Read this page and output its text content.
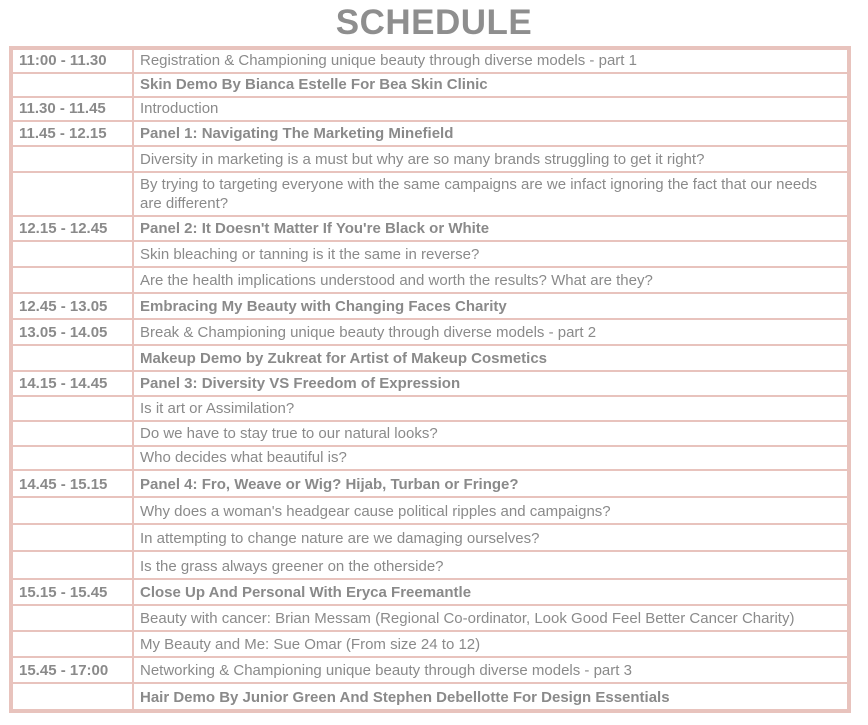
SCHEDULE
11:00 - 11.30	Registration & Championing unique beauty through diverse models - part 1
	Skin Demo By Bianca Estelle For Bea Skin Clinic
11.30 - 11.45	Introduction
11.45 - 12.15	Panel 1: Navigating The Marketing Minefield
	Diversity in marketing is a must but why are so many brands struggling to get it right?
	By trying to targeting everyone with the same campaigns are we infact ignoring the fact that our needs are different?
12.15 - 12.45	Panel 2: It Doesn't Matter If You're Black or White
	Skin bleaching or tanning is it the same in reverse?
	Are the health implications understood and worth the results? What are they?
12.45 - 13.05	Embracing My Beauty with Changing Faces Charity
13.05 - 14.05	Break & Championing unique beauty through diverse models - part 2
	Makeup Demo by Zukreat for Artist of Makeup Cosmetics
14.15 - 14.45	Panel 3: Diversity VS Freedom of Expression
	Is it art or Assimilation?
	Do we have to stay true to our natural looks?
	Who decides what beautiful is?
14.45 - 15.15	Panel 4: Fro, Weave or Wig? Hijab, Turban or Fringe?
	Why does a woman's headgear cause political ripples and campaigns?
	In attempting to change nature are we damaging ourselves?
	Is the grass always greener on the otherside?
15.15 - 15.45	Close Up And Personal With Eryca Freemantle
	Beauty with cancer: Brian Messam (Regional Co-ordinator, Look Good Feel Better Cancer Charity)
	My Beauty and Me: Sue Omar (From size 24 to 12)
15.45 - 17:00	Networking & Championing unique beauty through diverse models - part 3
	Hair Demo By Junior Green And Stephen Debellotte For Design Essentials
